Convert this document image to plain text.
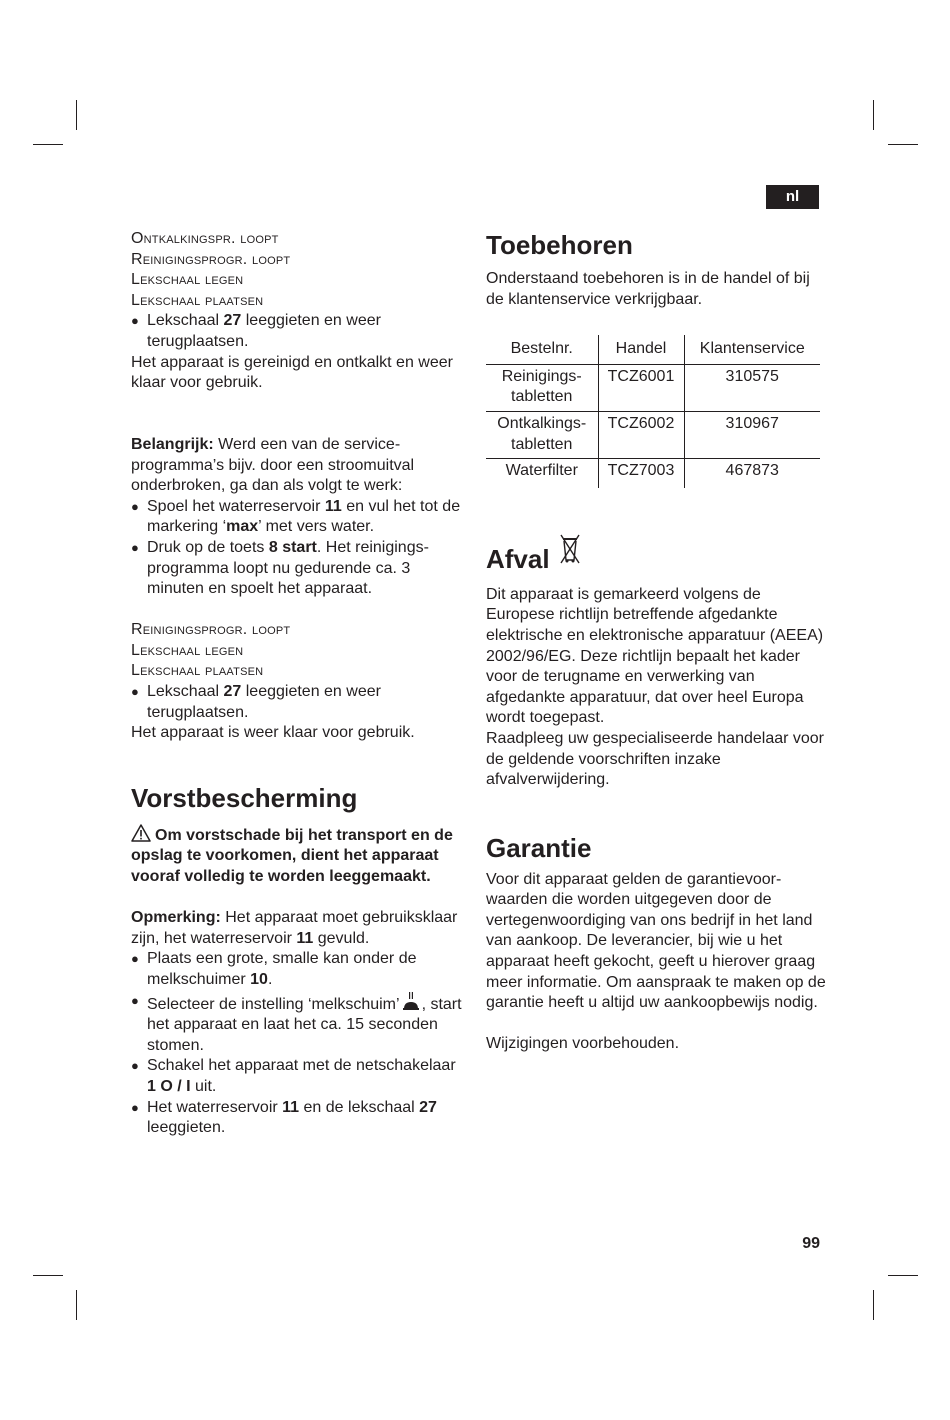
nl

Ontkalkingspr. loopt

Reinigingsprogr. loopt

Lekschaal legen

Lekschaal plaatsen

● Lekschaal 27 leeggieten en weer terugplaatsen.

Het apparaat is gereinigd en ontkalkt en weer klaar voor gebruik.

Belangrijk: Werd een van de serviceprogramma’s bijv. door een stroomuitval onderbroken, ga dan als volgt te werk:

● Spoel het waterreservoir 11 en vul het tot de markering ‘max’ met vers water.
● Druk op de toets 8 start. Het reinigingsprogramma loopt nu gedurende ca. 3 minuten en spoelt het apparaat.

Reinigingsprogr. loopt

Lekschaal legen

Lekschaal plaatsen

● Lekschaal 27 leeggieten en weer terugplaatsen.

Het apparaat is weer klaar voor gebruik.

Vorstbescherming

Om vorstschade bij het transport en de opslag te voorkomen, dient het apparaat vooraf volledig te worden leeggemaakt.

Opmerking: Het apparaat moet gebruiksklaar zijn, het waterreservoir 11 gevuld.

● Plaats een grote, smalle kan onder de melkschuimer 10.
● Selecteer de instelling ‘melkschuim’ , start het apparaat en laat het ca. 15 seconden stomen.
● Schakel het apparaat met de netschakelaar 1 O / I uit.
● Het waterreservoir 11 en de lekschaal 27 leeggieten.
Toebehoren

Onderstaand toebehoren is in de handel of bij de klantenservice verkrijgbaar.

Bestelnr.	Handel	Klantenservice
Reinigings-
tabletten	TCZ6001	310575
Ontkalkings-
tabletten	TCZ6002	310967
Waterfilter	TCZ7003	467873
Afval

Dit apparaat is gemarkeerd volgens de Europese richtlijn betreffende afgedankte elektrische en elektronische apparatuur (AEEA) 2002/96/EG. Deze richtlijn bepaalt het kader voor de terugname en verwerking van afgedankte apparatuur, dat over heel Europa wordt toegepast.

Raadpleeg uw gespecialiseerde handelaar voor de geldende voorschriften inzake afvalverwijdering.

Garantie

Voor dit apparaat gelden de garantievoorwaarden die worden uitgegeven door de vertegenwoordiging van ons bedrijf in het land van aankoop. De leverancier, bij wie u het apparaat heeft gekocht, geeft u hierover graag meer informatie. Om aanspraak te maken op de garantie heeft u altijd uw aankoopbewijs nodig.

Wijzigingen voorbehouden.

99
